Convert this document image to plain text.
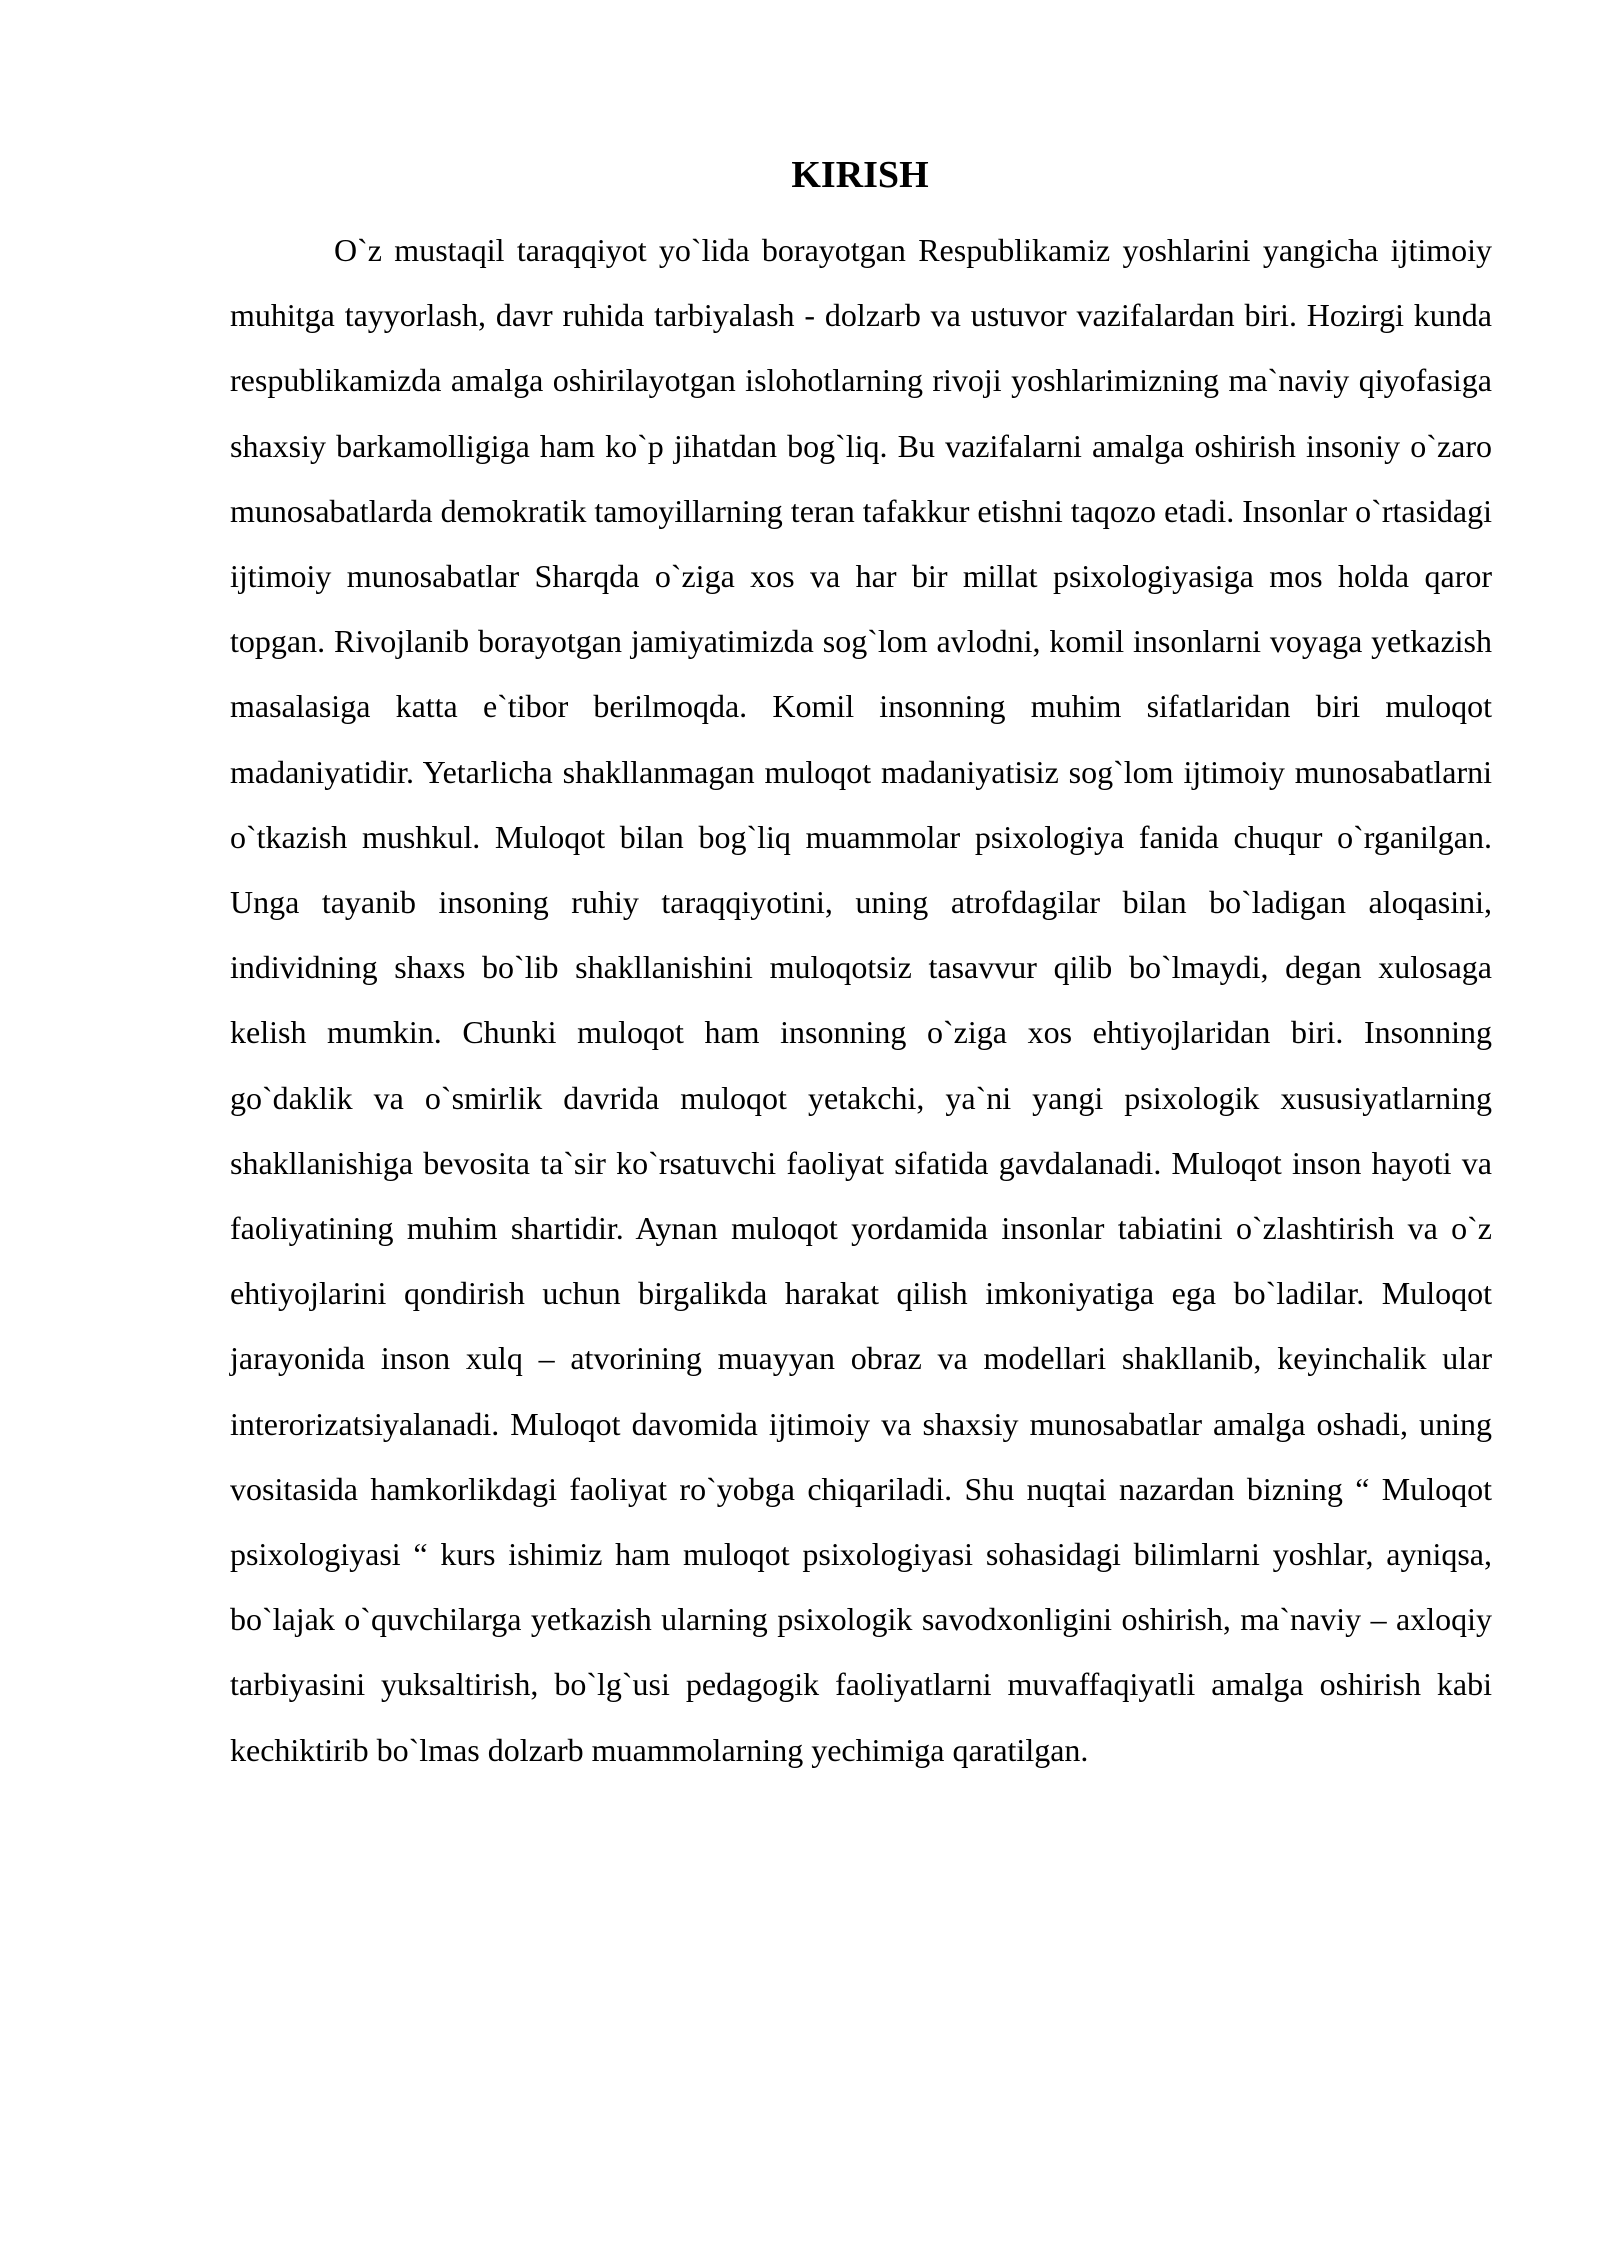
KIRISH

O`z mustaqil taraqqiyot yo`lida borayotgan Respublikamiz yoshlarini yangicha ijtimoiy muhitga tayyorlash, davr ruhida tarbiyalash - dolzarb va ustuvor vazifalardan biri. Hozirgi kunda respublikamizda amalga oshirilayotgan islohotlarning rivoji yoshlarimizning ma`naviy qiyofasiga shaxsiy barkamolligiga ham ko`p jihatdan bog`liq. Bu vazifalarni amalga oshirish insoniy o`zaro munosabatlarda demokratik tamoyillarning teran tafakkur etishni taqozo etadi. Insonlar o`rtasidagi ijtimoiy munosabatlar Sharqda o`ziga xos va har bir millat psixologiyasiga mos holda qaror topgan. Rivojlanib borayotgan jamiyatimizda sog`lom avlodni, komil insonlarni voyaga yetkazish masalasiga katta e`tibor berilmoqda. Komil insonning muhim sifatlaridan biri muloqot madaniyatidir. Yetarlicha shakllanmagan muloqot madaniyatisiz sog`lom ijtimoiy munosabatlarni o`tkazish mushkul. Muloqot bilan bog`liq muammolar psixologiya fanida chuqur o`rganilgan. Unga tayanib insoning ruhiy taraqqiyotini, uning atrofdagilar bilan bo`ladigan aloqasini, individning shaxs bo`lib shakllanishini muloqotsiz tasavvur qilib bo`lmaydi, degan xulosaga kelish mumkin. Chunki muloqot ham insonning o`ziga xos ehtiyojlaridan biri. Insonning go`daklik va o`smirlik davrida muloqot yetakchi, ya`ni yangi psixologik xususiyatlarning shakllanishiga bevosita ta`sir ko`rsatuvchi faoliyat sifatida gavdalanadi. Muloqot inson hayoti va faoliyatining muhim shartidir. Aynan muloqot yordamida insonlar tabiatini o`zlashtirish va o`z ehtiyojlarini qondirish uchun birgalikda harakat qilish imkoniyatiga ega bo`ladilar. Muloqot jarayonida inson xulq – atvorining muayyan obraz va modellari shakllanib, keyinchalik ular interorizatsiyalanadi. Muloqot davomida ijtimoiy va shaxsiy munosabatlar amalga oshadi, uning vositasida hamkorlikdagi faoliyat ro`yobga chiqariladi. Shu nuqtai nazardan bizning “ Muloqot psixologiyasi “ kurs ishimiz ham muloqot psixologiyasi sohasidagi bilimlarni yoshlar, ayniqsa, bo`lajak o`quvchilarga yetkazish ularning psixologik savodxonligini oshirish, ma`naviy – axloqiy tarbiyasini yuksaltirish, bo`lg`usi pedagogik faoliyatlarni muvaffaqiyatli amalga oshirish kabi kechiktirib bo`lmas dolzarb muammolarning yechimiga qaratilgan.
